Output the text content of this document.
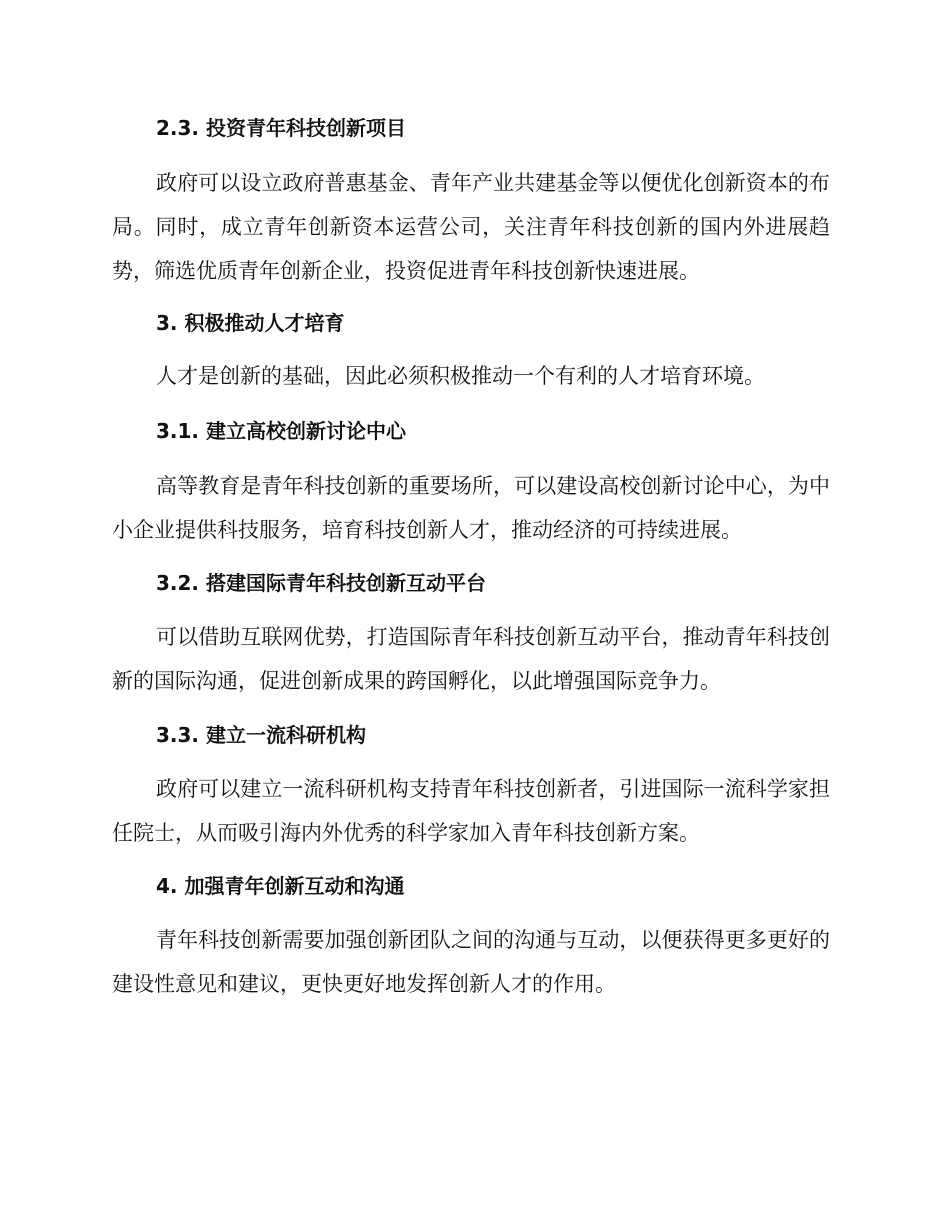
2.3. 投资青年科技创新项目
政府可以设立政府普惠基金、青年产业共建基金等以便优化创新资本的布局。同时，成立青年创新资本运营公司，关注青年科技创新的国内外进展趋势，筛选优质青年创新企业，投资促进青年科技创新快速进展。
3. 积极推动人才培育
人才是创新的基础，因此必须积极推动一个有利的人才培育环境。
3.1. 建立高校创新讨论中心
高等教育是青年科技创新的重要场所，可以建设高校创新讨论中心，为中小企业提供科技服务，培育科技创新人才，推动经济的可持续进展。
3.2. 搭建国际青年科技创新互动平台
可以借助互联网优势，打造国际青年科技创新互动平台，推动青年科技创新的国际沟通，促进创新成果的跨国孵化，以此增强国际竞争力。
3.3. 建立一流科研机构
政府可以建立一流科研机构支持青年科技创新者，引进国际一流科学家担任院士，从而吸引海内外优秀的科学家加入青年科技创新方案。
4. 加强青年创新互动和沟通
青年科技创新需要加强创新团队之间的沟通与互动，以便获得更多更好的建设性意见和建议，更快更好地发挥创新人才的作用。
